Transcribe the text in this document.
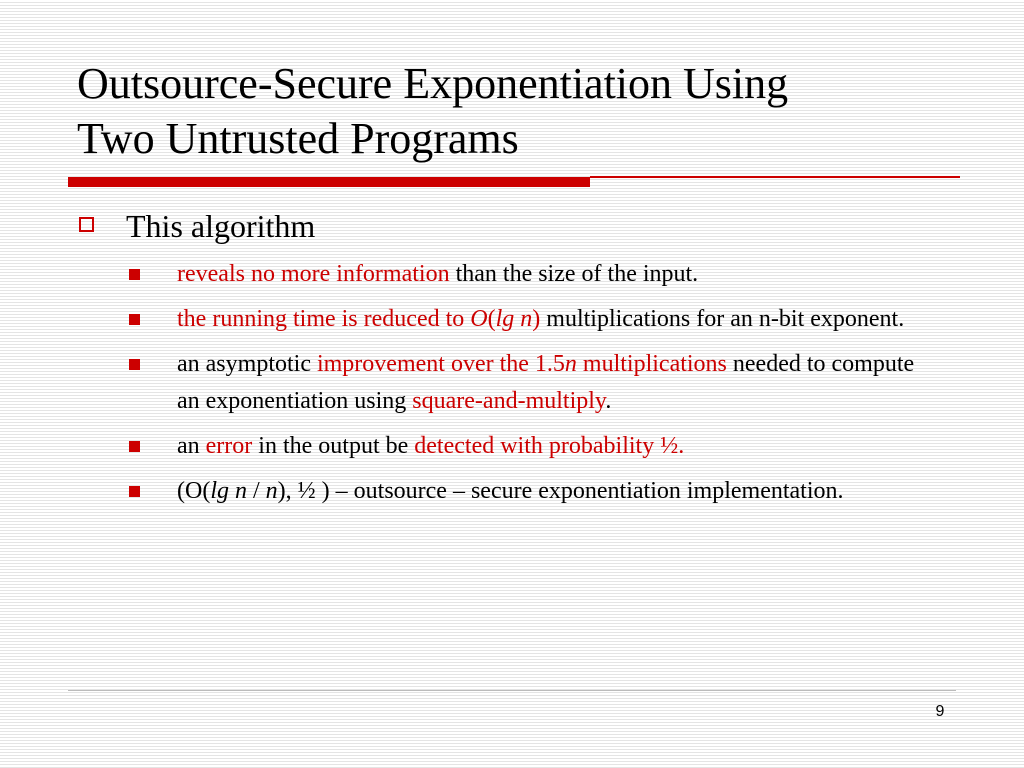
Outsource-Secure Exponentiation Using
Two Untrusted Programs
This algorithm
reveals no more information than the size of the input.
the running time is reduced to O(lg n) multiplications for an n-bit exponent.
an asymptotic improvement over the 1.5n multiplications needed to compute an exponentiation using square-and-multiply.
an error in the output be detected with probability ½.
(O(lg n / n), ½ ) – outsource – secure exponentiation implementation.
9
